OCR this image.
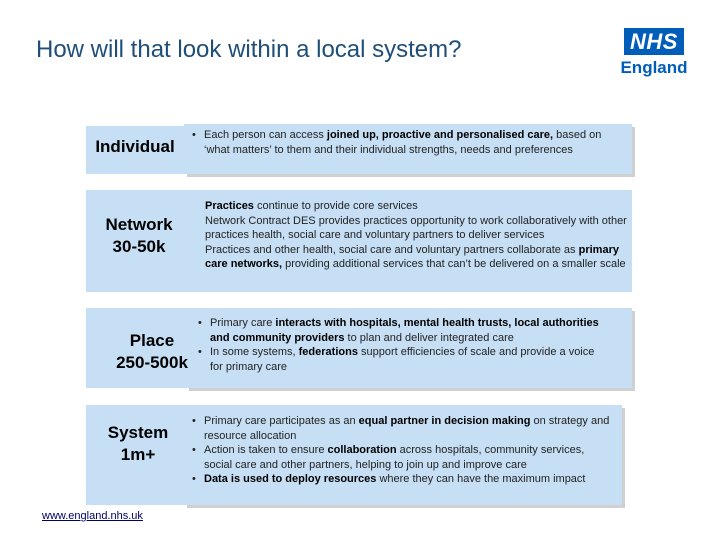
How will that look within a local system?	NHS
England
Individual
• Each person can access joined up, proactive and personalised care, based on ‘what matters’ to them and their individual strengths, needs and preferences
Network
30-50k
Practices continue to provide core services
Network Contract DES provides practices opportunity to work collaboratively with other practices health, social care and voluntary partners to deliver services
Practices and other health, social care and voluntary partners collaborate as primary care networks, providing additional services that can’t be delivered on a smaller scale
Place
250-500k
• Primary care interacts with hospitals, mental health trusts, local authorities and community providers to plan and deliver integrated care
• In some systems, federations support efficiencies of scale and provide a voice for primary care
System
1m+
• Primary care participates as an equal partner in decision making on strategy and resource allocation
• Action is taken to ensure collaboration across hospitals, community services, social care and other partners, helping to join up and improve care
• Data is used to deploy resources where they can have the maximum impact
www.england.nhs.uk
